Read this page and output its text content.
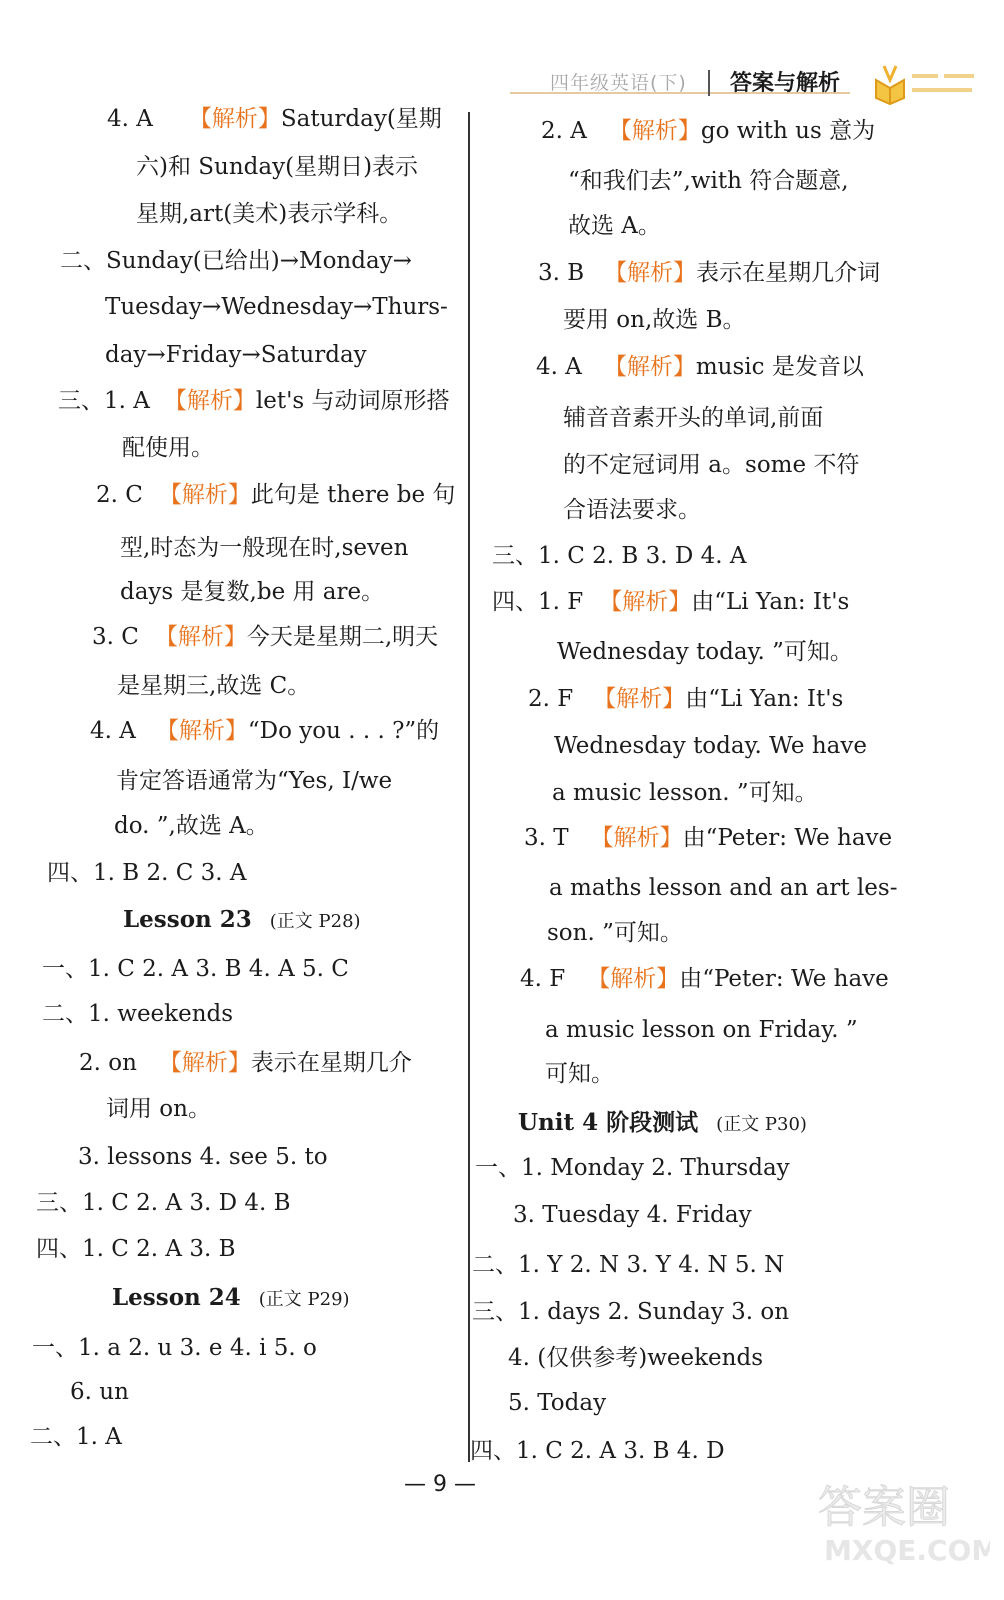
四年级英语(下) 答案与解析
4. A 【解析】Saturday(星期
六)和 Sunday(星期日)表示
星期,art(美术)表示学科。
二、Sunday(已给出)→Monday→
Tuesday→Wednesday→Thurs-
day→Friday→Saturday
三、1. A 【解析】let's 与动词原形搭
配使用。
2. C 【解析】此句是 there be 句
型,时态为一般现在时,seven
days 是复数,be 用 are。
3. C 【解析】今天是星期二,明天
是星期三,故选 C。
4. A 【解析】“Do you . . . ?”的
肯定答语通常为“Yes, I/we
do. ”,故选 A。
四、1. B 2. C 3. A
Lesson 23 (正文 P28)
一、1. C 2. A 3. B 4. A 5. C
二、1. weekends
2. on 【解析】表示在星期几介
词用 on。
3. lessons 4. see 5. to
三、1. C 2. A 3. D 4. B
四、1. C 2. A 3. B
Lesson 24 (正文 P29)
一、1. a 2. u 3. e 4. i 5. o
6. un
二、1. A
2. A 【解析】go with us 意为
“和我们去”,with 符合题意,
故选 A。
3. B 【解析】表示在星期几介词
要用 on,故选 B。
4. A 【解析】music 是发音以
辅音音素开头的单词,前面
的不定冠词用 a。some 不符
合语法要求。
三、1. C 2. B 3. D 4. A
四、1. F 【解析】由“Li Yan: It's
Wednesday today. ”可知。
2. F 【解析】由“Li Yan: It's
Wednesday today. We have
a music lesson. ”可知。
3. T 【解析】由“Peter: We have
a maths lesson and an art les-
son. ”可知。
4. F 【解析】由“Peter: We have
a music lesson on Friday. ”
可知。
Unit 4 阶段测试 (正文 P30)
一、1. Monday 2. Thursday
3. Tuesday 4. Friday
二、1. Y 2. N 3. Y 4. N 5. N
三、1. days 2. Sunday 3. on
4. (仅供参考)weekends
5. Today
四、1. C 2. A 3. B 4. D
— 9 —	答案圈
MXQE.COM
